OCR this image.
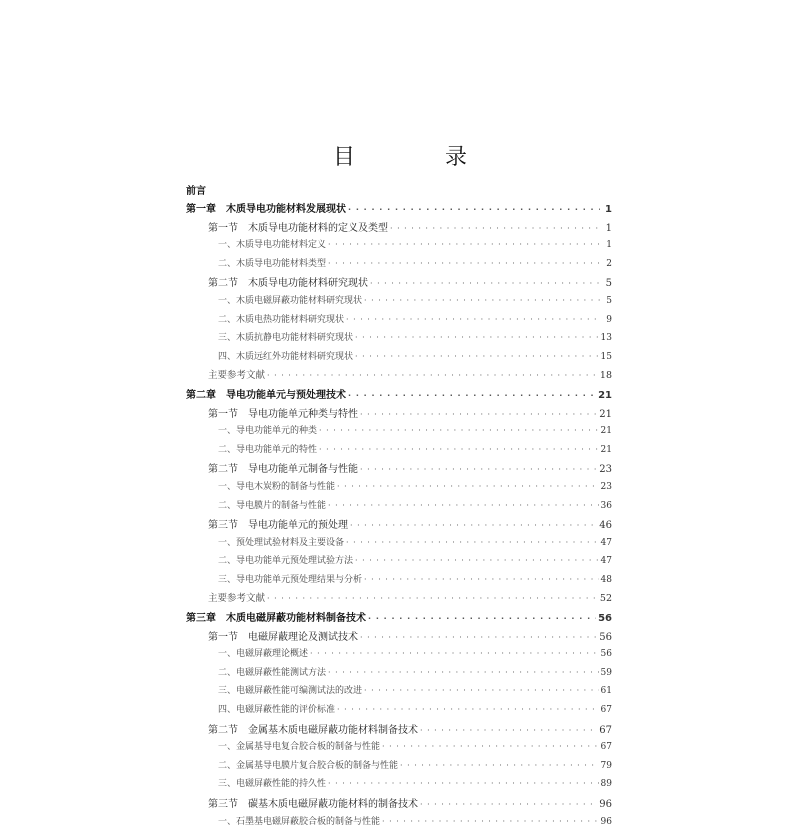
目　录
前言
第一章　木质导电功能材料发展现状 · · ·	1
第一节　木质导电功能材料的定义及类型 · · ·	1
一、木质导电功能材料定义 · · ·	1
二、木质导电功能材料类型 · · ·	2
第二节　木质导电功能材料研究现状 · · ·	5
一、木质电磁屏蔽功能材料研究现状 · · ·	5
二、木质电热功能材料研究现状 · · ·	9
三、木质抗静电功能材料研究现状 · · ·	13
四、木质远红外功能材料研究现状 · · ·	15
主要参考文献 · · ·	18
第二章　导电功能单元与预处理技术 · · ·	21
第一节　导电功能单元种类与特性 · · ·	21
一、导电功能单元的种类 · · ·	21
二、导电功能单元的特性 · · ·	21
第二节　导电功能单元制备与性能 · · ·	23
一、导电木炭粉的制备与性能 · · ·	23
二、导电膜片的制备与性能 · · ·	36
第三节　导电功能单元的预处理 · · ·	46
一、预处理试验材料及主要设备 · · ·	47
二、导电功能单元预处理试验方法 · · ·	47
三、导电功能单元预处理结果与分析 · · ·	48
主要参考文献 · · ·	52
第三章　木质电磁屏蔽功能材料制备技术 · · ·	56
第一节　电磁屏蔽理论及测试技术 · · ·	56
一、电磁屏蔽理论概述 · · ·	56
二、电磁屏蔽性能测试方法 · · ·	59
三、电磁屏蔽性能可编测试法的改进 · · ·	61
四、电磁屏蔽性能的评价标准 · · ·	67
第二节　金属基木质电磁屏蔽功能材料制备技术 · · ·	67
一、金属基导电复合胶合板的制备与性能 · · ·	67
二、金属基导电膜片复合胶合板的制备与性能 · · ·	79
三、电磁屏蔽性能的持久性 · · ·	89
第三节　碳基木质电磁屏蔽功能材料的制备技术 · · ·	96
一、石墨基电磁屏蔽胶合板的制备与性能 · · ·	96
